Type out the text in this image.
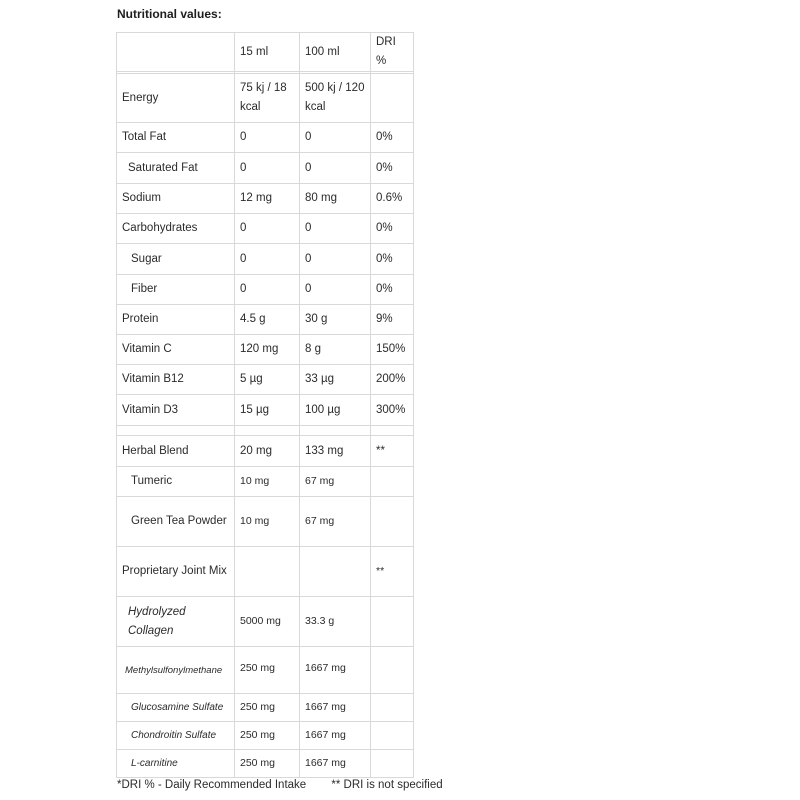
Nutritional values:
	15 ml	100 ml	DRI %

Energy	75 kj / 18 kcal	500 kj / 120 kcal	
Total Fat	0	0	0%
Saturated Fat	0	0	0%
Sodium	12 mg	80 mg	0.6%
Carbohydrates	0	0	0%
Sugar	0	0	0%
Fiber	0	0	0%
Protein	4.5 g	30 g	9%
Vitamin C	120 mg	8 g	150%
Vitamin B12	5 µg	33 µg	200%
Vitamin D3	15 µg	100 µg	300%

Herbal Blend	20 mg	133 mg	**
Tumeric	10 mg	67 mg	
Green Tea Powder	10 mg	67 mg	
Proprietary Joint Mix			**
Hydrolyzed Collagen	5000 mg	33.3 g	
Methylsulfonylmethane	250 mg	1667 mg	
Glucosamine Sulfate	250 mg	1667 mg	
Chondroitin Sulfate	250 mg	1667 mg	
L-carnitine	250 mg	1667 mg	
*DRI % - Daily Recommended Intake ** DRI is not specified
